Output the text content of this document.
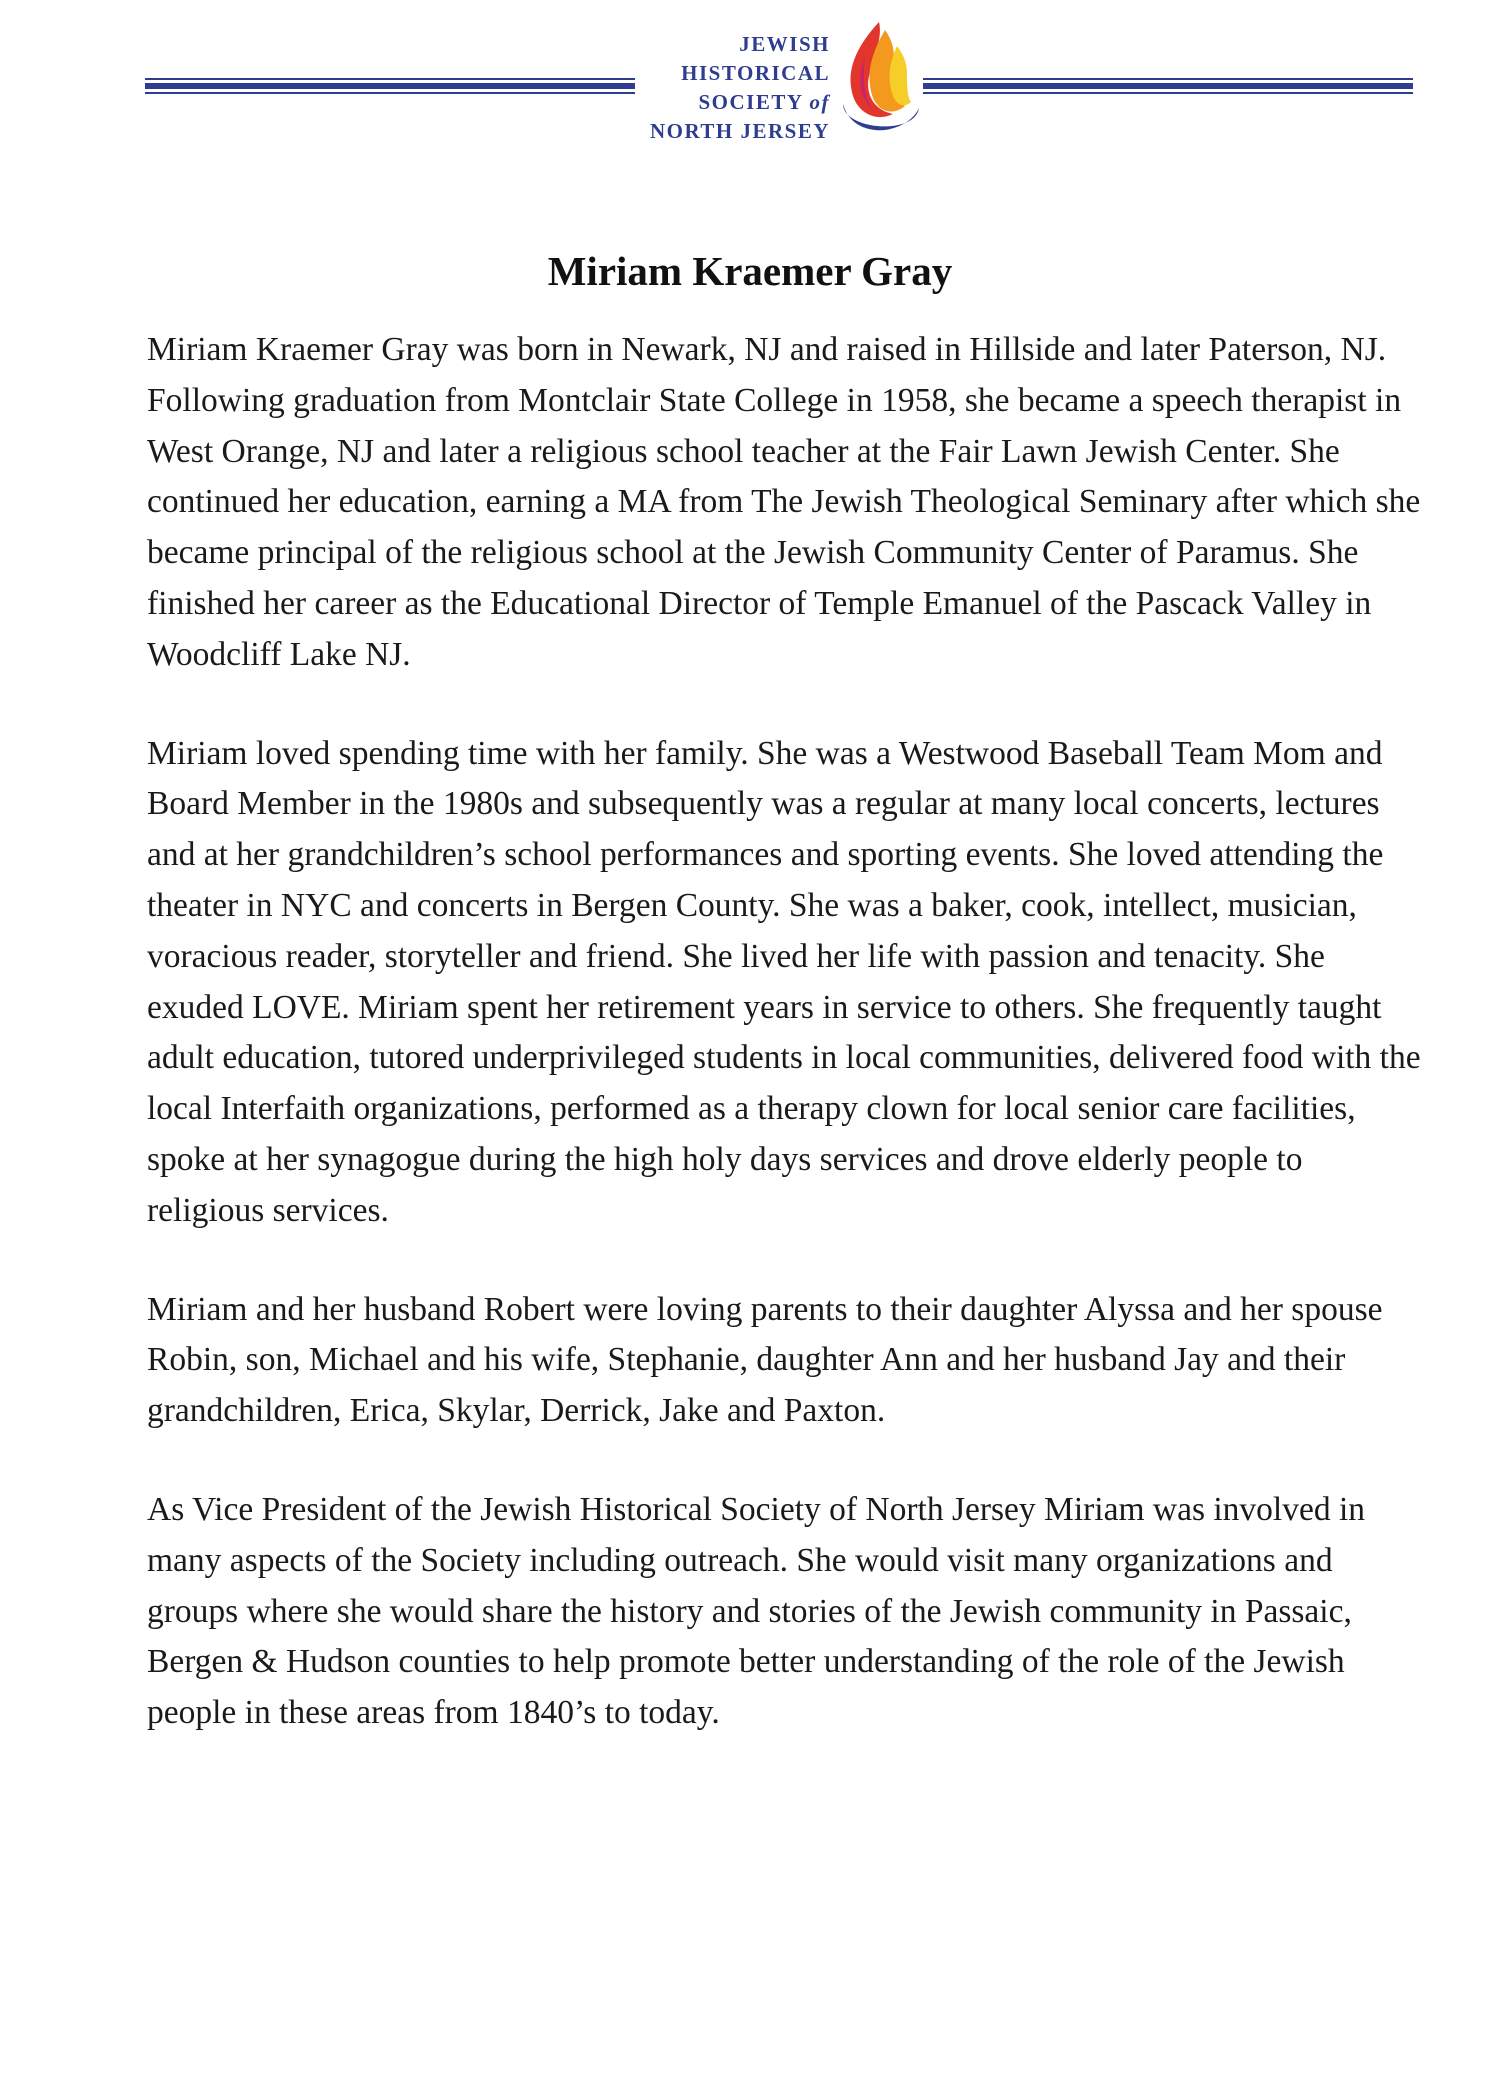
JEWISH
HISTORICAL
SOCIETY of
NORTH JERSEY
Miriam Kraemer Gray

Miriam Kraemer Gray was born in Newark, NJ and raised in Hillside and later Paterson, NJ. Following graduation from Montclair State College in 1958, she became a speech therapist in West Orange, NJ and later a religious school teacher at the Fair Lawn Jewish Center. She continued her education, earning a MA from The Jewish Theological Seminary after which she became principal of the religious school at the Jewish Community Center of Paramus. She finished her career as the Educational Director of Temple Emanuel of the Pascack Valley in Woodcliff Lake NJ.

Miriam loved spending time with her family. She was a Westwood Baseball Team Mom and Board Member in the 1980s and subsequently was a regular at many local concerts, lectures and at her grandchildren’s school performances and sporting events. She loved attending the theater in NYC and concerts in Bergen County. She was a baker, cook, intellect, musician, voracious reader, storyteller and friend. She lived her life with passion and tenacity. She exuded LOVE. Miriam spent her retirement years in service to others. She frequently taught adult education, tutored underprivileged students in local communities, delivered food with the local Interfaith organizations, performed as a therapy clown for local senior care facilities, spoke at her synagogue during the high holy days services and drove elderly people to religious services.

Miriam and her husband Robert were loving parents to their daughter Alyssa and her spouse Robin, son, Michael and his wife, Stephanie, daughter Ann and her husband Jay and their grandchildren, Erica, Skylar, Derrick, Jake and Paxton.

As Vice President of the Jewish Historical Society of North Jersey Miriam was involved in many aspects of the Society including outreach. She would visit many organizations and groups where she would share the history and stories of the Jewish community in Passaic, Bergen & Hudson counties to help promote better understanding of the role of the Jewish people in these areas from 1840’s to today.
